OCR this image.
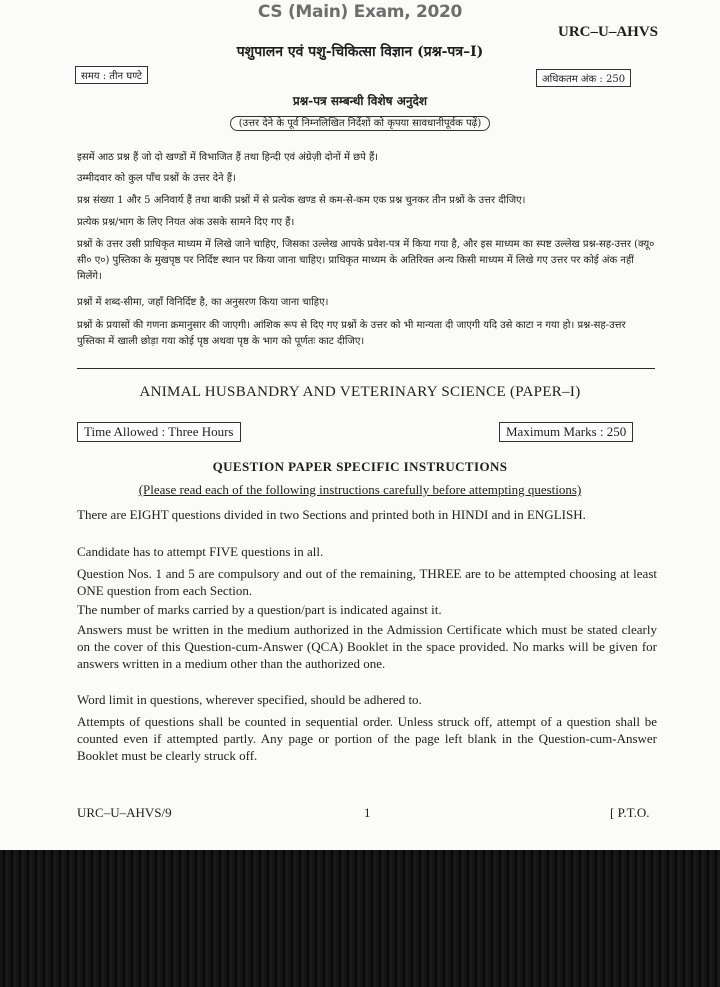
CS (Main) Exam, 2020
URC–U–AHVS
पशुपालन एवं पशु-चिकित्सा विज्ञान (प्रश्न-पत्र–I)
समय : तीन घण्टे	अधिकतम अंक : 250
प्रश्न-पत्र सम्बन्धी विशेष अनुदेश
(उत्तर देने के पूर्व निम्नलिखित निर्देशों को कृपया सावधानीपूर्वक पढ़ें)
इसमें आठ प्रश्न हैं जो दो खण्डों में विभाजित हैं तथा हिन्दी एवं अंग्रेज़ी दोनों में छपे हैं।
उम्मीदवार को कुल पाँच प्रश्नों के उत्तर देने हैं।
प्रश्न संख्या 1 और 5 अनिवार्य हैं तथा बाकी प्रश्नों में से प्रत्येक खण्ड से कम-से-कम एक प्रश्न चुनकर तीन प्रश्नों के उत्तर दीजिए।
प्रत्येक प्रश्न/भाग के लिए नियत अंक उसके सामने दिए गए हैं।
प्रश्नों के उत्तर उसी प्राधिकृत माध्यम में लिखे जाने चाहिए, जिसका उल्लेख आपके प्रवेश-पत्र में किया गया है, और इस माध्यम का स्पष्ट उल्लेख प्रश्न-सह-उत्तर (क्यू० सी० ए०) पुस्तिका के मुखपृष्ठ पर निर्दिष्ट स्थान पर किया जाना चाहिए। प्राधिकृत माध्यम के अतिरिक्त अन्य किसी माध्यम में लिखे गए उत्तर पर कोई अंक नहीं मिलेंगे।
प्रश्नों में शब्द-सीमा, जहाँ विनिर्दिष्ट है, का अनुसरण किया जाना चाहिए।
प्रश्नों के प्रयासों की गणना क्रमानुसार की जाएगी। आंशिक रूप से दिए गए प्रश्नों के उत्तर को भी मान्यता दी जाएगी यदि उसे काटा न गया हो। प्रश्न-सह-उत्तर पुस्तिका में खाली छोड़ा गया कोई पृष्ठ अथवा पृष्ठ के भाग को पूर्णतः काट दीजिए।
ANIMAL HUSBANDRY AND VETERINARY SCIENCE (PAPER–I)
Time Allowed : Three Hours	Maximum Marks : 250
QUESTION PAPER SPECIFIC INSTRUCTIONS
(Please read each of the following instructions carefully before attempting questions)
There are EIGHT questions divided in two Sections and printed both in HINDI and in ENGLISH.
Candidate has to attempt FIVE questions in all.
Question Nos. 1 and 5 are compulsory and out of the remaining, THREE are to be attempted choosing at least ONE question from each Section.
The number of marks carried by a question/part is indicated against it.
Answers must be written in the medium authorized in the Admission Certificate which must be stated clearly on the cover of this Question-cum-Answer (QCA) Booklet in the space provided. No marks will be given for answers written in a medium other than the authorized one.
Word limit in questions, wherever specified, should be adhered to.
Attempts of questions shall be counted in sequential order. Unless struck off, attempt of a question shall be counted even if attempted partly. Any page or portion of the page left blank in the Question-cum-Answer Booklet must be clearly struck off.
URC–U–AHVS/9	1	[ P.T.O.
